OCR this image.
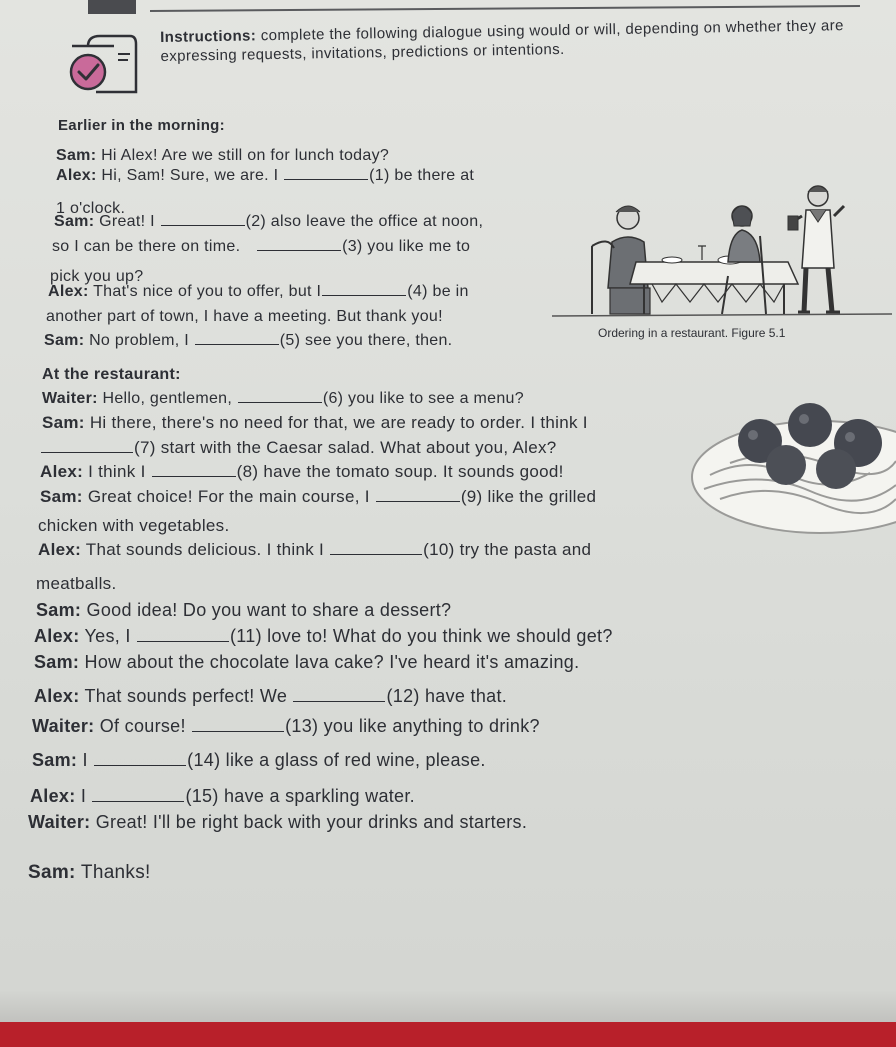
Instructions: complete the following dialogue using would or will, depending on whether they are expressing requests, invitations, predictions or intentions.
Earlier in the morning:
Sam: Hi Alex! Are we still on for lunch today?
Alex: Hi, Sam! Sure, we are. I	(1) be there at
1 o'clock.
Sam: Great! I	(2) also leave the office at noon,
so I can be there on time.	(3) you like me to
pick you up?
Alex: That's nice of you to offer, but I	(4) be in
another part of town, I have a meeting. But thank you!
Sam: No problem, I	(5) see you there, then.	Ordering in a restaurant. Figure 5.1
At the restaurant:
Waiter: Hello, gentlemen,	(6) you like to see a menu?
Sam: Hi there, there's no need for that, we are ready to order. I think I
(7) start with the Caesar salad. What about you, Alex?
Alex: I think I	(8) have the tomato soup. It sounds good!
Sam: Great choice! For the main course, I	(9) like the grilled
chicken with vegetables.
Alex: That sounds delicious. I think I	(10) try the pasta and
meatballs.
Sam: Good idea! Do you want to share a dessert?
Alex: Yes, I	(11) love to! What do you think we should get?
Sam: How about the chocolate lava cake? I've heard it's amazing.
Alex: That sounds perfect! We	(12) have that.
Waiter: Of course!	(13) you like anything to drink?
Sam: I	(14) like a glass of red wine, please.
Alex: I	(15) have a sparkling water.
Waiter: Great! I'll be right back with your drinks and starters.
Sam: Thanks!
